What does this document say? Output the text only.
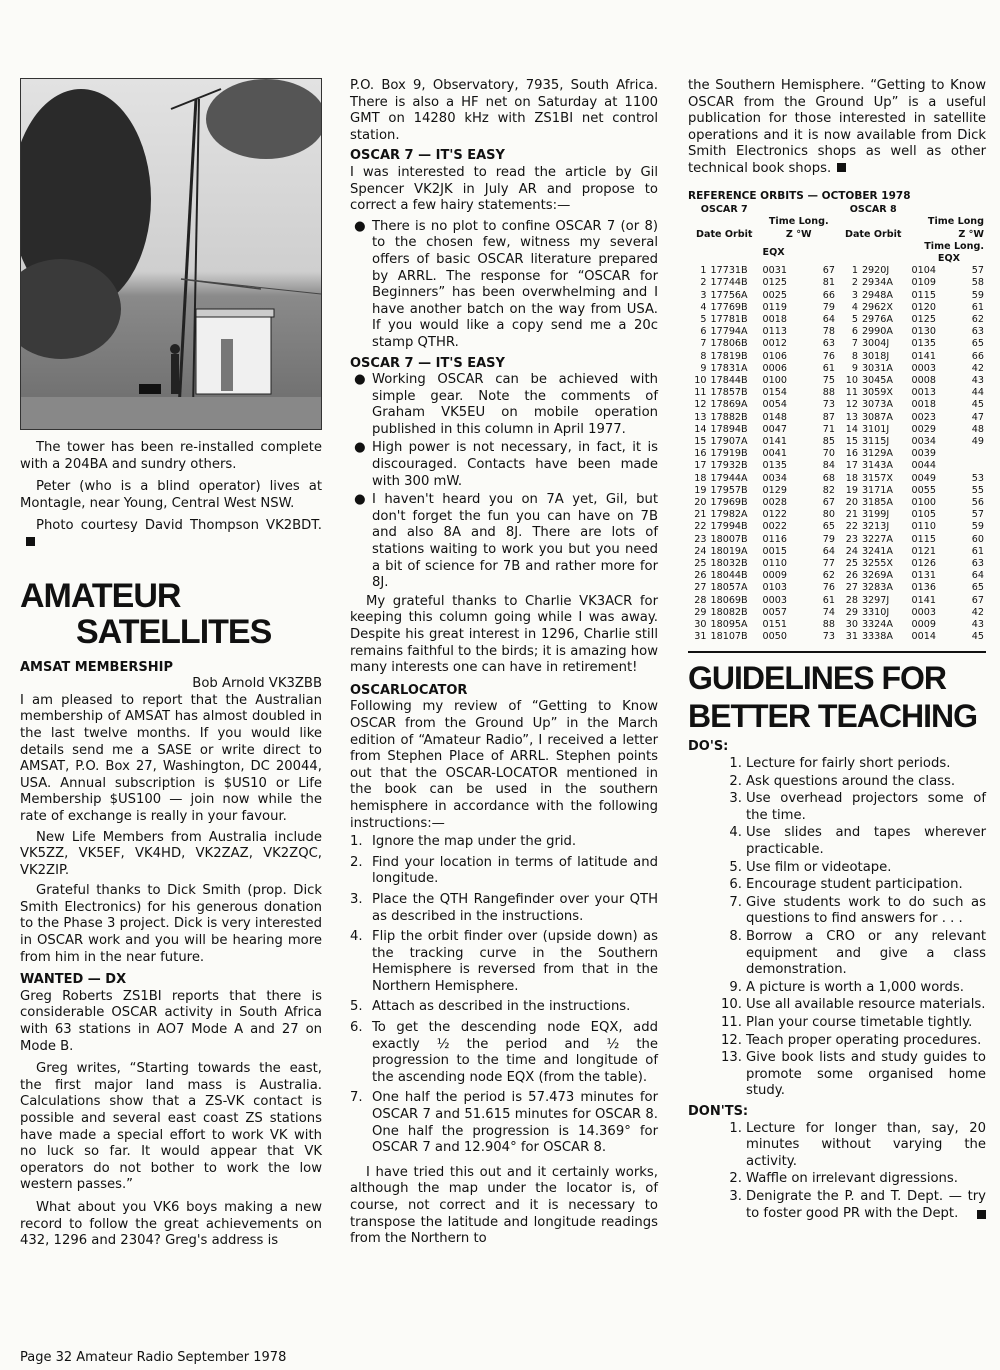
The tower has been re-installed complete with a 204BA and sundry others.

Peter (who is a blind operator) lives at Montagle, near Young, Central West NSW.

Photo courtesy David Thompson VK2BDT.

AMATEUR
SATELLITES
AMSAT MEMBERSHIP
Bob Arnold VK3ZBB

I am pleased to report that the Australian membership of AMSAT has almost doubled in the last twelve months. If you would like details send me a SASE or write direct to AMSAT, P.O. Box 27, Washington, DC 20044, USA. Annual subscription is $US10 or Life Membership $US100 — join now while the rate of exchange is really in your favour.

New Life Members from Australia include VK5ZZ, VK5EF, VK4HD, VK2ZAZ, VK2ZQC, VK2ZIP.

Grateful thanks to Dick Smith (prop. Dick Smith Electronics) for his generous donation to the Phase 3 project. Dick is very interested in OSCAR work and you will be hearing more from him in the near future.

WANTED — DX

Greg Roberts ZS1BI reports that there is considerable OSCAR activity in South Africa with 63 stations in AO7 Mode A and 27 on Mode B.

Greg writes, “Starting towards the east, the first major land mass is Australia. Calculations show that a ZS-VK contact is possible and several east coast ZS stations have made a special effort to work VK with no luck so far. It would appear that VK operators do not bother to work the low western passes.”

What about you VK6 boys making a new record to follow the great achievements on 432, 1296 and 2304? Greg's address is

P.O. Box 9, Observatory, 7935, South Africa. There is also a HF net on Saturday at 1100 GMT on 14280 kHz with ZS1BI net control station.

OSCAR 7 — IT'S EASY

I was interested to read the article by Gil Spencer VK2JK in July AR and propose to correct a few hairy statements:—

● There is no plot to confine OSCAR 7 (or 8) to the chosen few, witness my several offers of basic OSCAR literature prepared by ARRL. The response for “OSCAR for Beginners” has been overwhelming and I have another batch on the way from USA. If you would like a copy send me a 20c stamp QTHR.
OSCAR 7 — IT'S EASY
● Working OSCAR can be achieved with simple gear. Note the comments of Graham VK5EU on mobile operation published in this column in April 1977.
● High power is not necessary, in fact, it is discouraged. Contacts have been made with 300 mW.
● I haven't heard you on 7A yet, Gil, but don't forget the fun you can have on 7B and also 8A and 8J. There are lots of stations waiting to work you but you need a bit of science for 7B and rather more for 8J.

My grateful thanks to Charlie VK3ACR for keeping this column going while I was away. Despite his great interest in 1296, Charlie still remains faithful to the birds; it is amazing how many interests one can have in retirement!

OSCARLOCATOR

Following my review of “Getting to Know OSCAR from the Ground Up” in the March edition of “Amateur Radio”, I received a letter from Stephen Place of ARRL. Stephen points out that the OSCAR-LOCATOR mentioned in the book can be used in the southern hemisphere in accordance with the following instructions:—

1. Ignore the map under the grid.
2. Find your location in terms of latitude and longitude.
3. Place the QTH Rangefinder over your QTH as described in the instructions.
4. Flip the orbit finder over (upside down) as the tracking curve in the Southern Hemisphere is reversed from that in the Northern Hemisphere.
5. Attach as described in the instructions.
6. To get the descending node EQX, add exactly ½ the period and ½ the progression to the time and longitude of the ascending node EQX (from the table).
7. One half the period is 57.473 minutes for OSCAR 7 and 51.615 minutes for OSCAR 8. One half the progression is 14.369° for OSCAR 7 and 12.904° for OSCAR 8.

I have tried this out and it certainly works, although the map under the locator is, of course, not correct and it is necessary to transpose the latitude and longitude readings from the Northern to

the Southern Hemisphere. “Getting to Know OSCAR from the Ground Up” is a useful publication for those interested in satellite operations and it is now available from Dick Smith Electronics shops as well as other technical book shops.

REFERENCE ORBITS — OCTOBER 1978
OSCAR 7				OSCAR 8			
		Time Long.				Time Long	
Date Orbit		Z °W		Date Orbit		Z °W	
		EQX				Time Long.
EQX	
1	17731B	0031	67	1	2920J	0104	57
2	17744B	0125	81	2	2934A	0109	58
3	17756A	0025	66	3	2948A	0115	59
4	17769B	0119	79	4	2962X	0120	61
5	17781B	0018	64	5	2976A	0125	62
6	17794A	0113	78	6	2990A	0130	63
7	17806B	0012	63	7	3004J	0135	65
8	17819B	0106	76	8	3018J	0141	66
9	17831A	0006	61	9	3031A	0003	42
10	17844B	0100	75	10	3045A	0008	43
11	17857B	0154	88	11	3059X	0013	44
12	17869A	0054	73	12	3073A	0018	45
13	17882B	0148	87	13	3087A	0023	47
14	17894B	0047	71	14	3101J	0029	48
15	17907A	0141	85	15	3115J	0034	49
16	17919B	0041	70	16	3129A	0039	
17	17932B	0135	84	17	3143A	0044	
18	17944A	0034	68	18	3157X	0049	53
19	17957B	0129	82	19	3171A	0055	55
20	17969B	0028	67	20	3185A	0100	56
21	17982A	0122	80	21	3199J	0105	57
22	17994B	0022	65	22	3213J	0110	59
23	18007B	0116	79	23	3227A	0115	60
24	18019A	0015	64	24	3241A	0121	61
25	18032B	0110	77	25	3255X	0126	63
26	18044B	0009	62	26	3269A	0131	64
27	18057A	0103	76	27	3283A	0136	65
28	18069B	0003	61	28	3297J	0141	67
29	18082B	0057	74	29	3310J	0003	42
30	18095A	0151	88	30	3324A	0009	43
31	18107B	0050	73	31	3338A	0014	45
GUIDELINES FOR
BETTER TEACHING
DO'S:
1. Lecture for fairly short periods.
2. Ask questions around the class.
3. Use overhead projectors some of the time.
4. Use slides and tapes wherever practicable.
5. Use film or videotape.
6. Encourage student participation.
7. Give students work to do such as questions to find answers for . . .
8. Borrow a CRO or any relevant equipment and give a class demonstration.
9. A picture is worth a 1,000 words.
10. Use all available resource materials.
11. Plan your course timetable tightly.
12. Teach proper operating procedures.
13. Give book lists and study guides to promote some organised home study.
DON'TS:
1. Lecture for longer than, say, 20 minutes without varying the activity.
2. Waffle on irrelevant digressions.
3. Denigrate the P. and T. Dept. — try to foster good PR with the Dept.
Page 32 Amateur Radio September 1978
